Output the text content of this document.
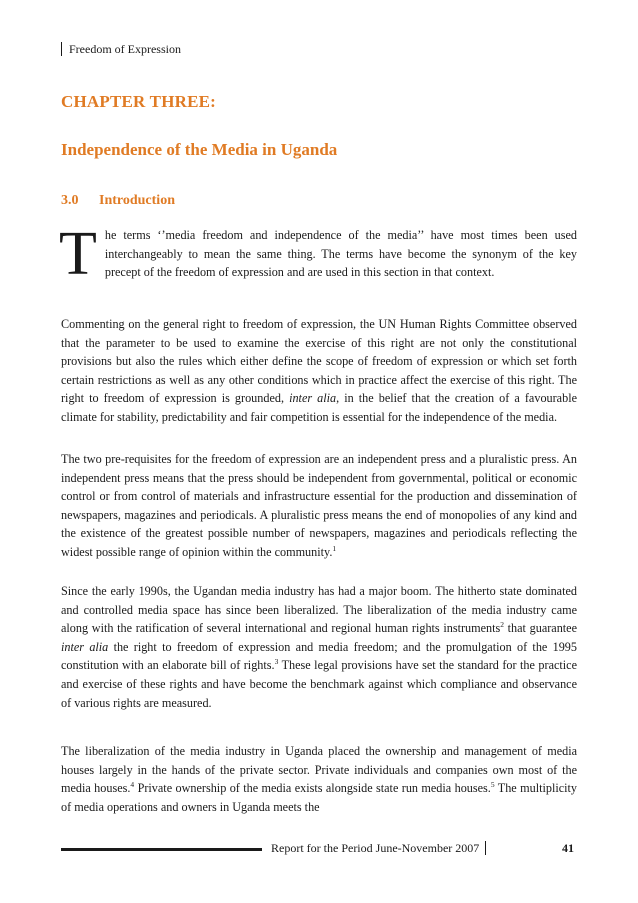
Freedom of Expression
CHAPTER THREE:
Independence of the Media in Uganda
3.0 Introduction
T he terms ‘’media freedom and independence of the media’’ have most times been used interchangeably to mean the same thing. The terms have become the synonym of the key precept of the freedom of expression and are used in this section in that context.

Commenting on the general right to freedom of expression, the UN Human Rights Committee observed that the parameter to be used to examine the exercise of this right are not only the constitutional provisions but also the rules which either define the scope of freedom of expression or which set forth certain restrictions as well as any other conditions which in practice affect the exercise of this right. The right to freedom of expression is grounded, inter alia, in the belief that the creation of a favourable climate for stability, predictability and fair competition is essential for the independence of the media.

The two pre-requisites for the freedom of expression are an independent press and a pluralistic press. An independent press means that the press should be independent from governmental, political or economic control or from control of materials and infrastructure essential for the production and dissemination of newspapers, magazines and periodicals. A pluralistic press means the end of monopolies of any kind and the existence of the greatest possible number of newspapers, magazines and periodicals reflecting the widest possible range of opinion within the community.$^1$

Since the early 1990s, the Ugandan media industry has had a major boom. The hitherto state dominated and controlled media space has since been liberalized. The liberalization of the media industry came along with the ratification of several international and regional human rights instruments$^2$ that guarantee inter alia the right to freedom of expression and media freedom; and the promulgation of the 1995 constitution with an elaborate bill of rights.$^3$ These legal provisions have set the standard for the practice and exercise of these rights and have become the benchmark against which compliance and observance of various rights are measured.

The liberalization of the media industry in Uganda placed the ownership and management of media houses largely in the hands of the private sector. Private individuals and companies own most of the media houses.$^4$ Private ownership of the media exists alongside state run media houses.$^5$ The multiplicity of media operations and owners in Uganda meets the

Report for the Period June-November 2007	41
